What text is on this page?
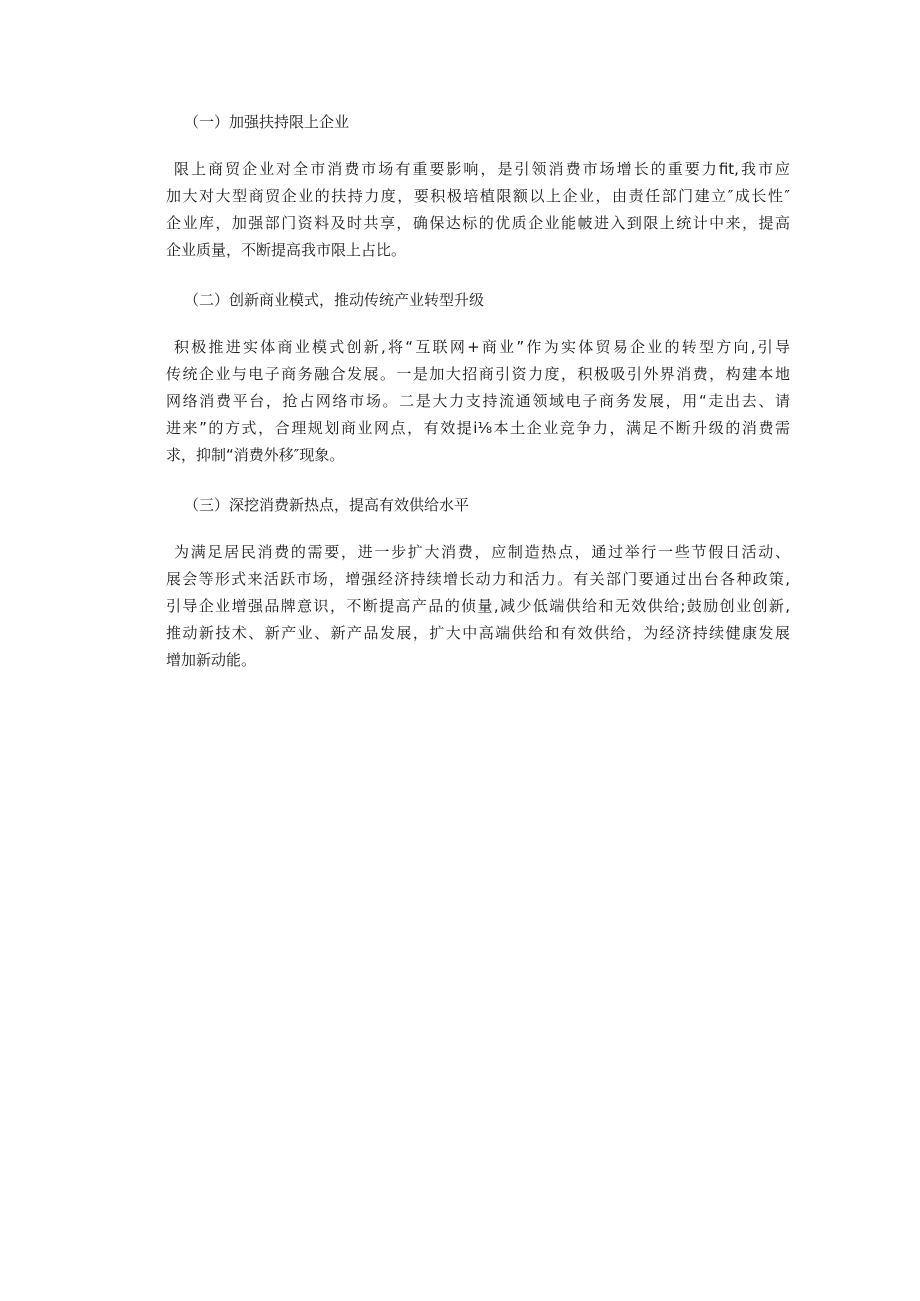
（一）加强扶持限上企业

限上商贸企业对全市消费市场有重要影响，是引领消费市场增长的重要力fit,我市应
加大对大型商贸企业的扶持力度，要积极培植限额以上企业，由责任部门建立″成长性″
企业库，加强部门资料及时共享，确保达标的优质企业能帔进入到限上统计中来，提高
企业质量，不断提高我市限上占比。

（二）创新商业模式，推动传统产业转型升级

积极推进实体商业模式创新,将“互联网+商业”作为实体贸易企业的转型方向,引导
传统企业与电子商务融合发展。一是加大招商引资力度，积极吸引外界消费，构建本地
网络消费平台，抢占网络市场。二是大力支持流通领域电子商务发展，用“走出去、请
进来”的方式，合理规划商业网点，有效提i⅛本土企业竞争力，满足不断升级的消费需
求，抑制“消费外移″现象。

（三）深挖消费新热点，提高有效供给水平

为满足居民消费的需要，进一步扩大消费，应制造热点，通过举行一些节假日活动、
展会等形式来活跃市场，增强经济持续增长动力和活力。有关部门要通过出台各种政策,
引导企业增强品牌意识，不断提高产品的侦量,减少低端供给和无效供给;鼓励创业创新,
推动新技术、新产业、新产品发展，扩大中高端供给和有效供给，为经济持续健康发展
增加新动能。
